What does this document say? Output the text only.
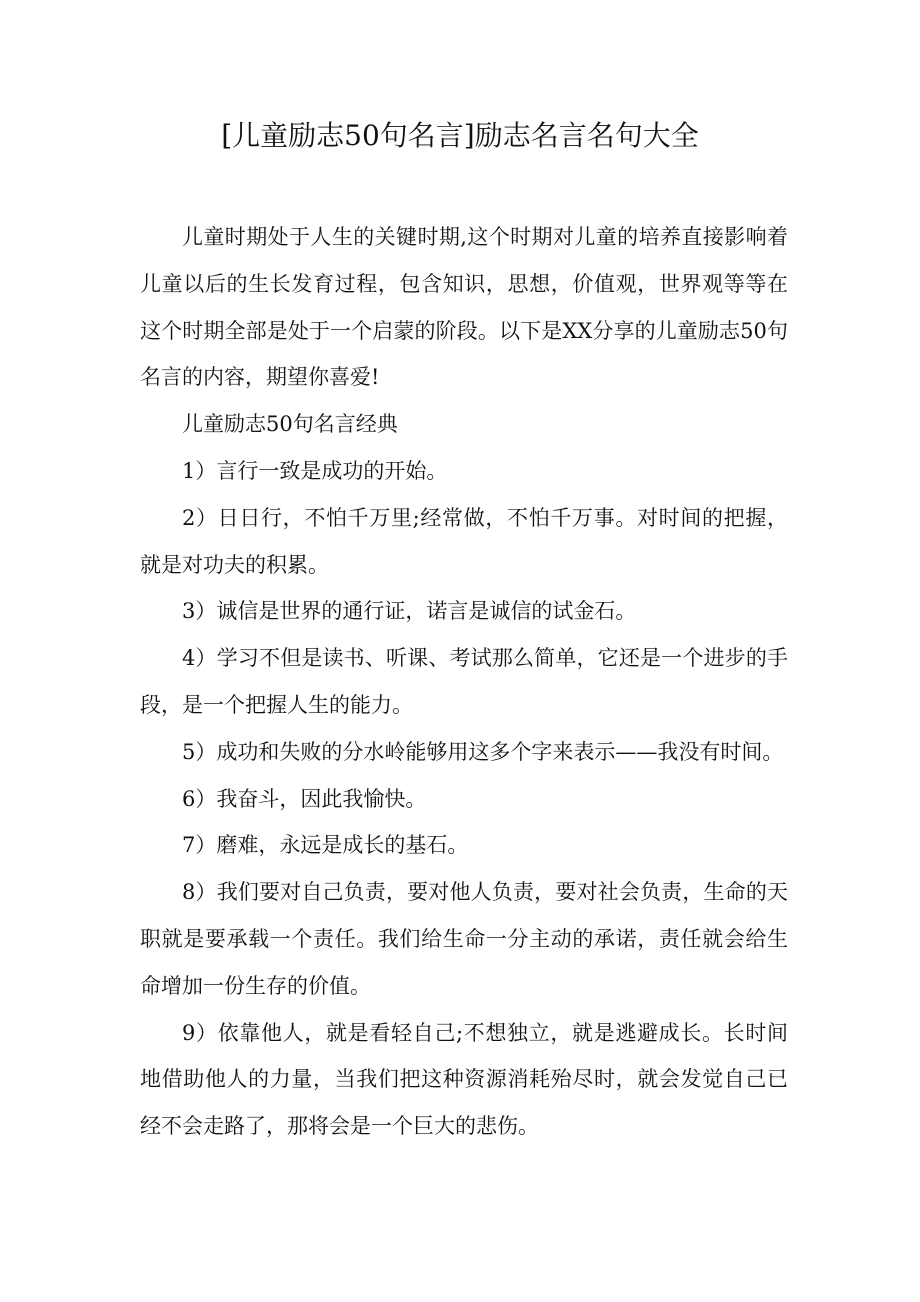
[儿童励志50句名言]励志名言名句大全

儿童时期处于人生的关键时期,这个时期对儿童的培养直接影响着儿童以后的生长发育过程，包含知识，思想，价值观，世界观等等在这个时期全部是处于一个启蒙的阶段。以下是XX分享的儿童励志50句名言的内容，期望你喜爱!

儿童励志50句名言经典

1）言行一致是成功的开始。

2）日日行，不怕千万里;经常做，不怕千万事。对时间的把握，就是对功夫的积累。

3）诚信是世界的通行证，诺言是诚信的试金石。

4）学习不但是读书、听课、考试那么简单，它还是一个进步的手段，是一个把握人生的能力。

5）成功和失败的分水岭能够用这多个字来表示——我没有时间。

6）我奋斗，因此我愉快。

7）磨难，永远是成长的基石。

8）我们要对自己负责，要对他人负责，要对社会负责，生命的天职就是要承载一个责任。我们给生命一分主动的承诺，责任就会给生命增加一份生存的价值。

9）依靠他人，就是看轻自己;不想独立，就是逃避成长。长时间地借助他人的力量，当我们把这种资源消耗殆尽时，就会发觉自己已经不会走路了，那将会是一个巨大的悲伤。
